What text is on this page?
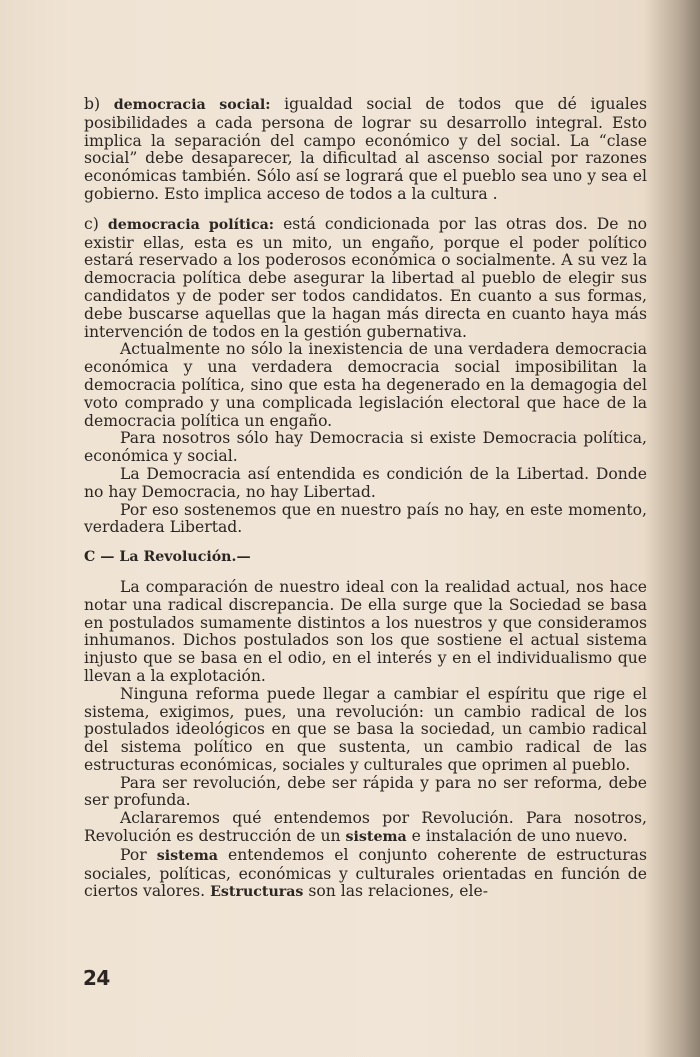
b) democracia social: igualdad social de todos que dé iguales posibilidades a cada persona de lograr su desarrollo integral. Esto implica la separación del campo económico y del social. La “clase social” debe desaparecer, la dificultad al ascenso social por razones económicas también. Sólo así se logrará que el pueblo sea uno y sea el gobierno. Esto implica acceso de todos a la cultura .

c) democracia política: está condicionada por las otras dos. De no existir ellas, esta es un mito, un engaño, porque el poder político estará reservado a los poderosos económica o socialmente. A su vez la democracia política debe asegurar la libertad al pueblo de elegir sus candidatos y de poder ser todos candidatos. En cuanto a sus formas, debe buscarse aquellas que la hagan más directa en cuanto haya más intervención de todos en la gestión gubernativa.

Actualmente no sólo la inexistencia de una verdadera democracia económica y una verdadera democracia social imposibilitan la democracia política, sino que esta ha degenerado en la demagogia del voto comprado y una complicada legislación electoral que hace de la democracia política un engaño.

Para nosotros sólo hay Democracia si existe Democracia política, económica y social.

La Democracia así entendida es condición de la Libertad. Donde no hay Democracia, no hay Libertad.

Por eso sostenemos que en nuestro país no hay, en este momento, verdadera Libertad.

C — La Revolución.—

La comparación de nuestro ideal con la realidad actual, nos hace notar una radical discrepancia. De ella surge que la Sociedad se basa en postulados sumamente distintos a los nuestros y que consideramos inhumanos. Dichos postulados son los que sostiene el actual sistema injusto que se basa en el odio, en el interés y en el individualismo que llevan a la explotación.

Ninguna reforma puede llegar a cambiar el espíritu que rige el sistema, exigimos, pues, una revolución: un cambio radical de los postulados ideológicos en que se basa la sociedad, un cambio radical del sistema político en que sustenta, un cambio radical de las estructuras económicas, sociales y culturales que oprimen al pueblo.

Para ser revolución, debe ser rápida y para no ser reforma, debe ser profunda.

Aclararemos qué entendemos por Revolución. Para nosotros, Revolución es destrucción de un sistema e instalación de uno nuevo.

Por sistema entendemos el conjunto coherente de estructuras sociales, políticas, económicas y culturales orientadas en función de ciertos valores. Estructuras son las relaciones, ele-

24
